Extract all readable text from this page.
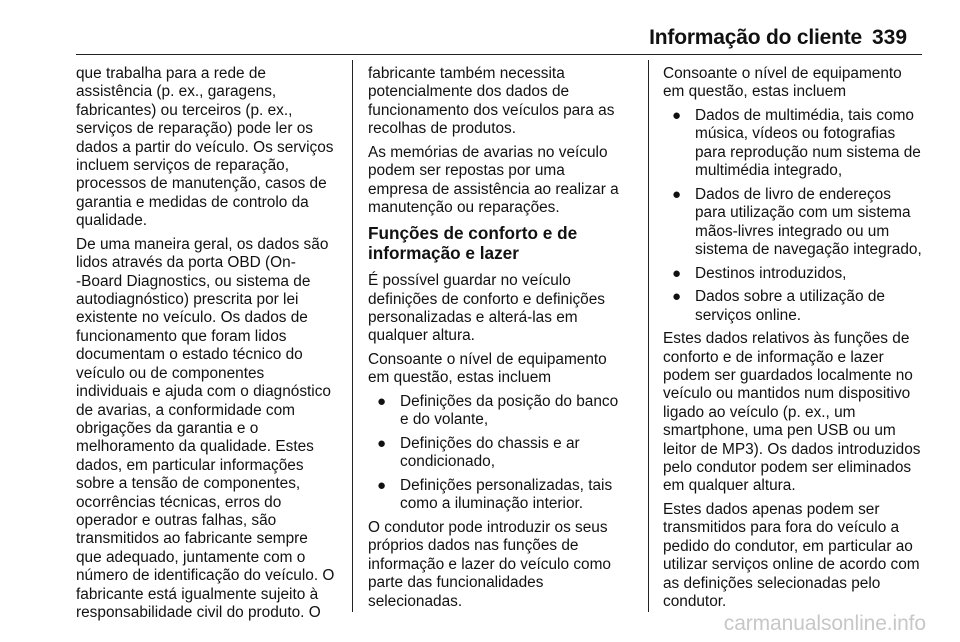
Informação do cliente 339

que trabalha para a rede de
assistência (p. ex., garagens,
fabricantes) ou terceiros (p. ex.,
serviços de reparação) pode ler os
dados a partir do veículo. Os serviços
incluem serviços de reparação,
processos de manutenção, casos de
garantia e medidas de controlo da
qualidade.

De uma maneira geral, os dados são
lidos através da porta OBD (On-
-Board Diagnostics, ou sistema de
autodiagnóstico) prescrita por lei
existente no veículo. Os dados de
funcionamento que foram lidos
documentam o estado técnico do
veículo ou de componentes
individuais e ajuda com o diagnóstico
de avarias, a conformidade com
obrigações da garantia e o
melhoramento da qualidade. Estes
dados, em particular informações
sobre a tensão de componentes,
ocorrências técnicas, erros do
operador e outras falhas, são
transmitidos ao fabricante sempre
que adequado, juntamente com o
número de identificação do veículo. O
fabricante está igualmente sujeito à
responsabilidade civil do produto. O

fabricante também necessita
potencialmente dos dados de
funcionamento dos veículos para as
recolhas de produtos.

As memórias de avarias no veículo
podem ser repostas por uma
empresa de assistência ao realizar a
manutenção ou reparações.

Funções de conforto e de
informação e lazer

É possível guardar no veículo
definições de conforto e definições
personalizadas e alterá-las em
qualquer altura.

Consoante o nível de equipamento
em questão, estas incluem

● Definições da posição do banco
e do volante,
● Definições do chassis e ar
condicionado,
● Definições personalizadas, tais
como a iluminação interior.

O condutor pode introduzir os seus
próprios dados nas funções de
informação e lazer do veículo como
parte das funcionalidades
selecionadas.

Consoante o nível de equipamento
em questão, estas incluem

● Dados de multimédia, tais como
música, vídeos ou fotografias
para reprodução num sistema de
multimédia integrado,
● Dados de livro de endereços
para utilização com um sistema
mãos-livres integrado ou um
sistema de navegação integrado,
● Destinos introduzidos,
● Dados sobre a utilização de
serviços online.

Estes dados relativos às funções de
conforto e de informação e lazer
podem ser guardados localmente no
veículo ou mantidos num dispositivo
ligado ao veículo (p. ex., um
smartphone, uma pen USB ou um
leitor de MP3). Os dados introduzidos
pelo condutor podem ser eliminados
em qualquer altura.

Estes dados apenas podem ser
transmitidos para fora do veículo a
pedido do condutor, em particular ao
utilizar serviços online de acordo com
as definições selecionadas pelo
condutor.

carmanualsonline.info
